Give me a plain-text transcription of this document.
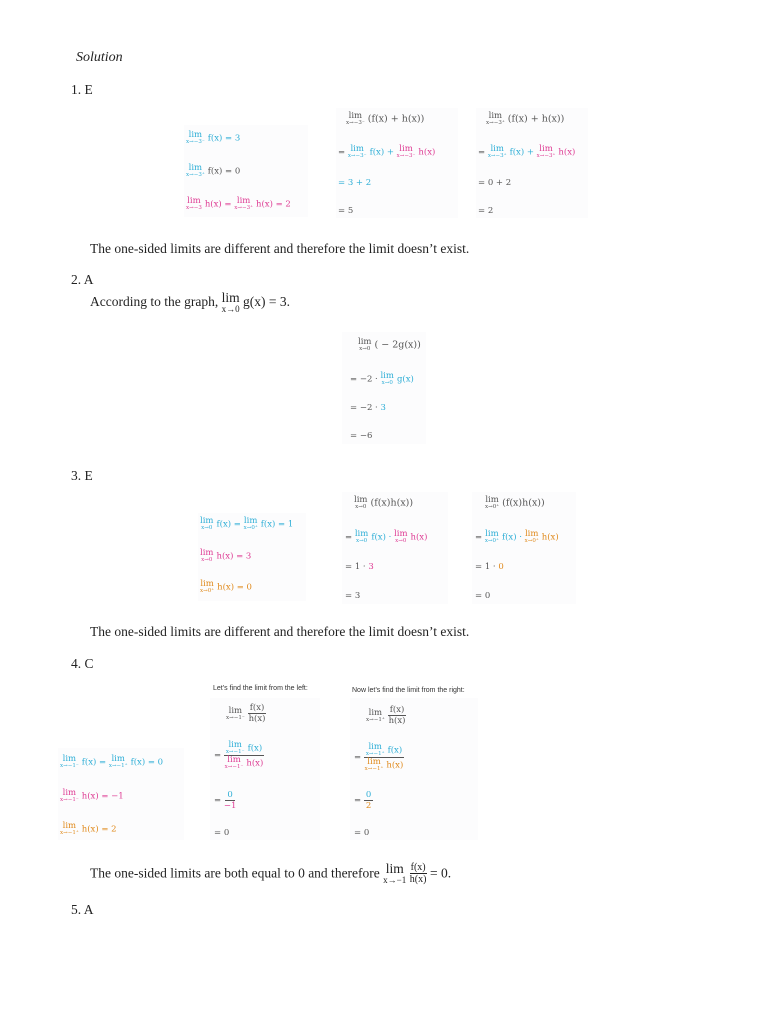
Solution
1. E
lim
x→−3⁻ f(x) = 3
lim
x→−3⁺ f(x) = 0
lim
x→−3 h(x) = lim
x→−3⁺ h(x) = 2
lim
x→−3⁻ (f(x) + h(x))
= lim
x→−3⁻ f(x) + lim
x→−3⁻ h(x)
= 3 + 2
= 5
lim
x→−3⁺ (f(x) + h(x))
= lim
x→−3⁺ f(x) + lim
x→−3⁺ h(x)
= 0 + 2
= 2
The one-sided limits are different and therefore the limit doesn’t exist.
2. A
According to the graph, lim
x→0 g(x) = 3.
lim
x→0 ( − 2g(x))
= −2 · lim
x→0 g(x)
= −2 · 3
= −6
3. E
lim
x→0 f(x) = lim
x→0⁺ f(x) = 1
lim
x→0 h(x) = 3
lim
x→0⁺ h(x) = 0
lim
x→0 (f(x)h(x))
= lim
x→0 f(x) · lim
x→0 h(x)
= 1 · 3
= 3
lim
x→0⁺ (f(x)h(x))
= lim
x→0⁺ f(x) · lim
x→0⁺ h(x)
= 1 · 0
= 0
The one-sided limits are different and therefore the limit doesn’t exist.
4. C
Let’s find the limit from the left:	Now let’s find the limit from the right:
lim
x→−1⁻ f(x) = lim
x→−1⁺ f(x) = 0
lim
x→−1⁻ h(x) = −1
lim
x→−1⁺ h(x) = 2
lim
$x\to-1^- \frac{f(x)}{h(x)}$
= lim
x→−1⁻ f(x)
lim
x→−1⁻ h(x)
= $\frac{0}{-1}$
= 0
lim
$x\to-1^+ \frac{f(x)}{h(x)}$
= lim
x→−1⁺ f(x)
lim
x→−1⁺ h(x)
= $\frac{0}{2}$
= 0
The one-sided limits are both equal to 0 and therefore lim
x→−1
$\frac{f(x)}{h(x)} = 0$.
5. A
